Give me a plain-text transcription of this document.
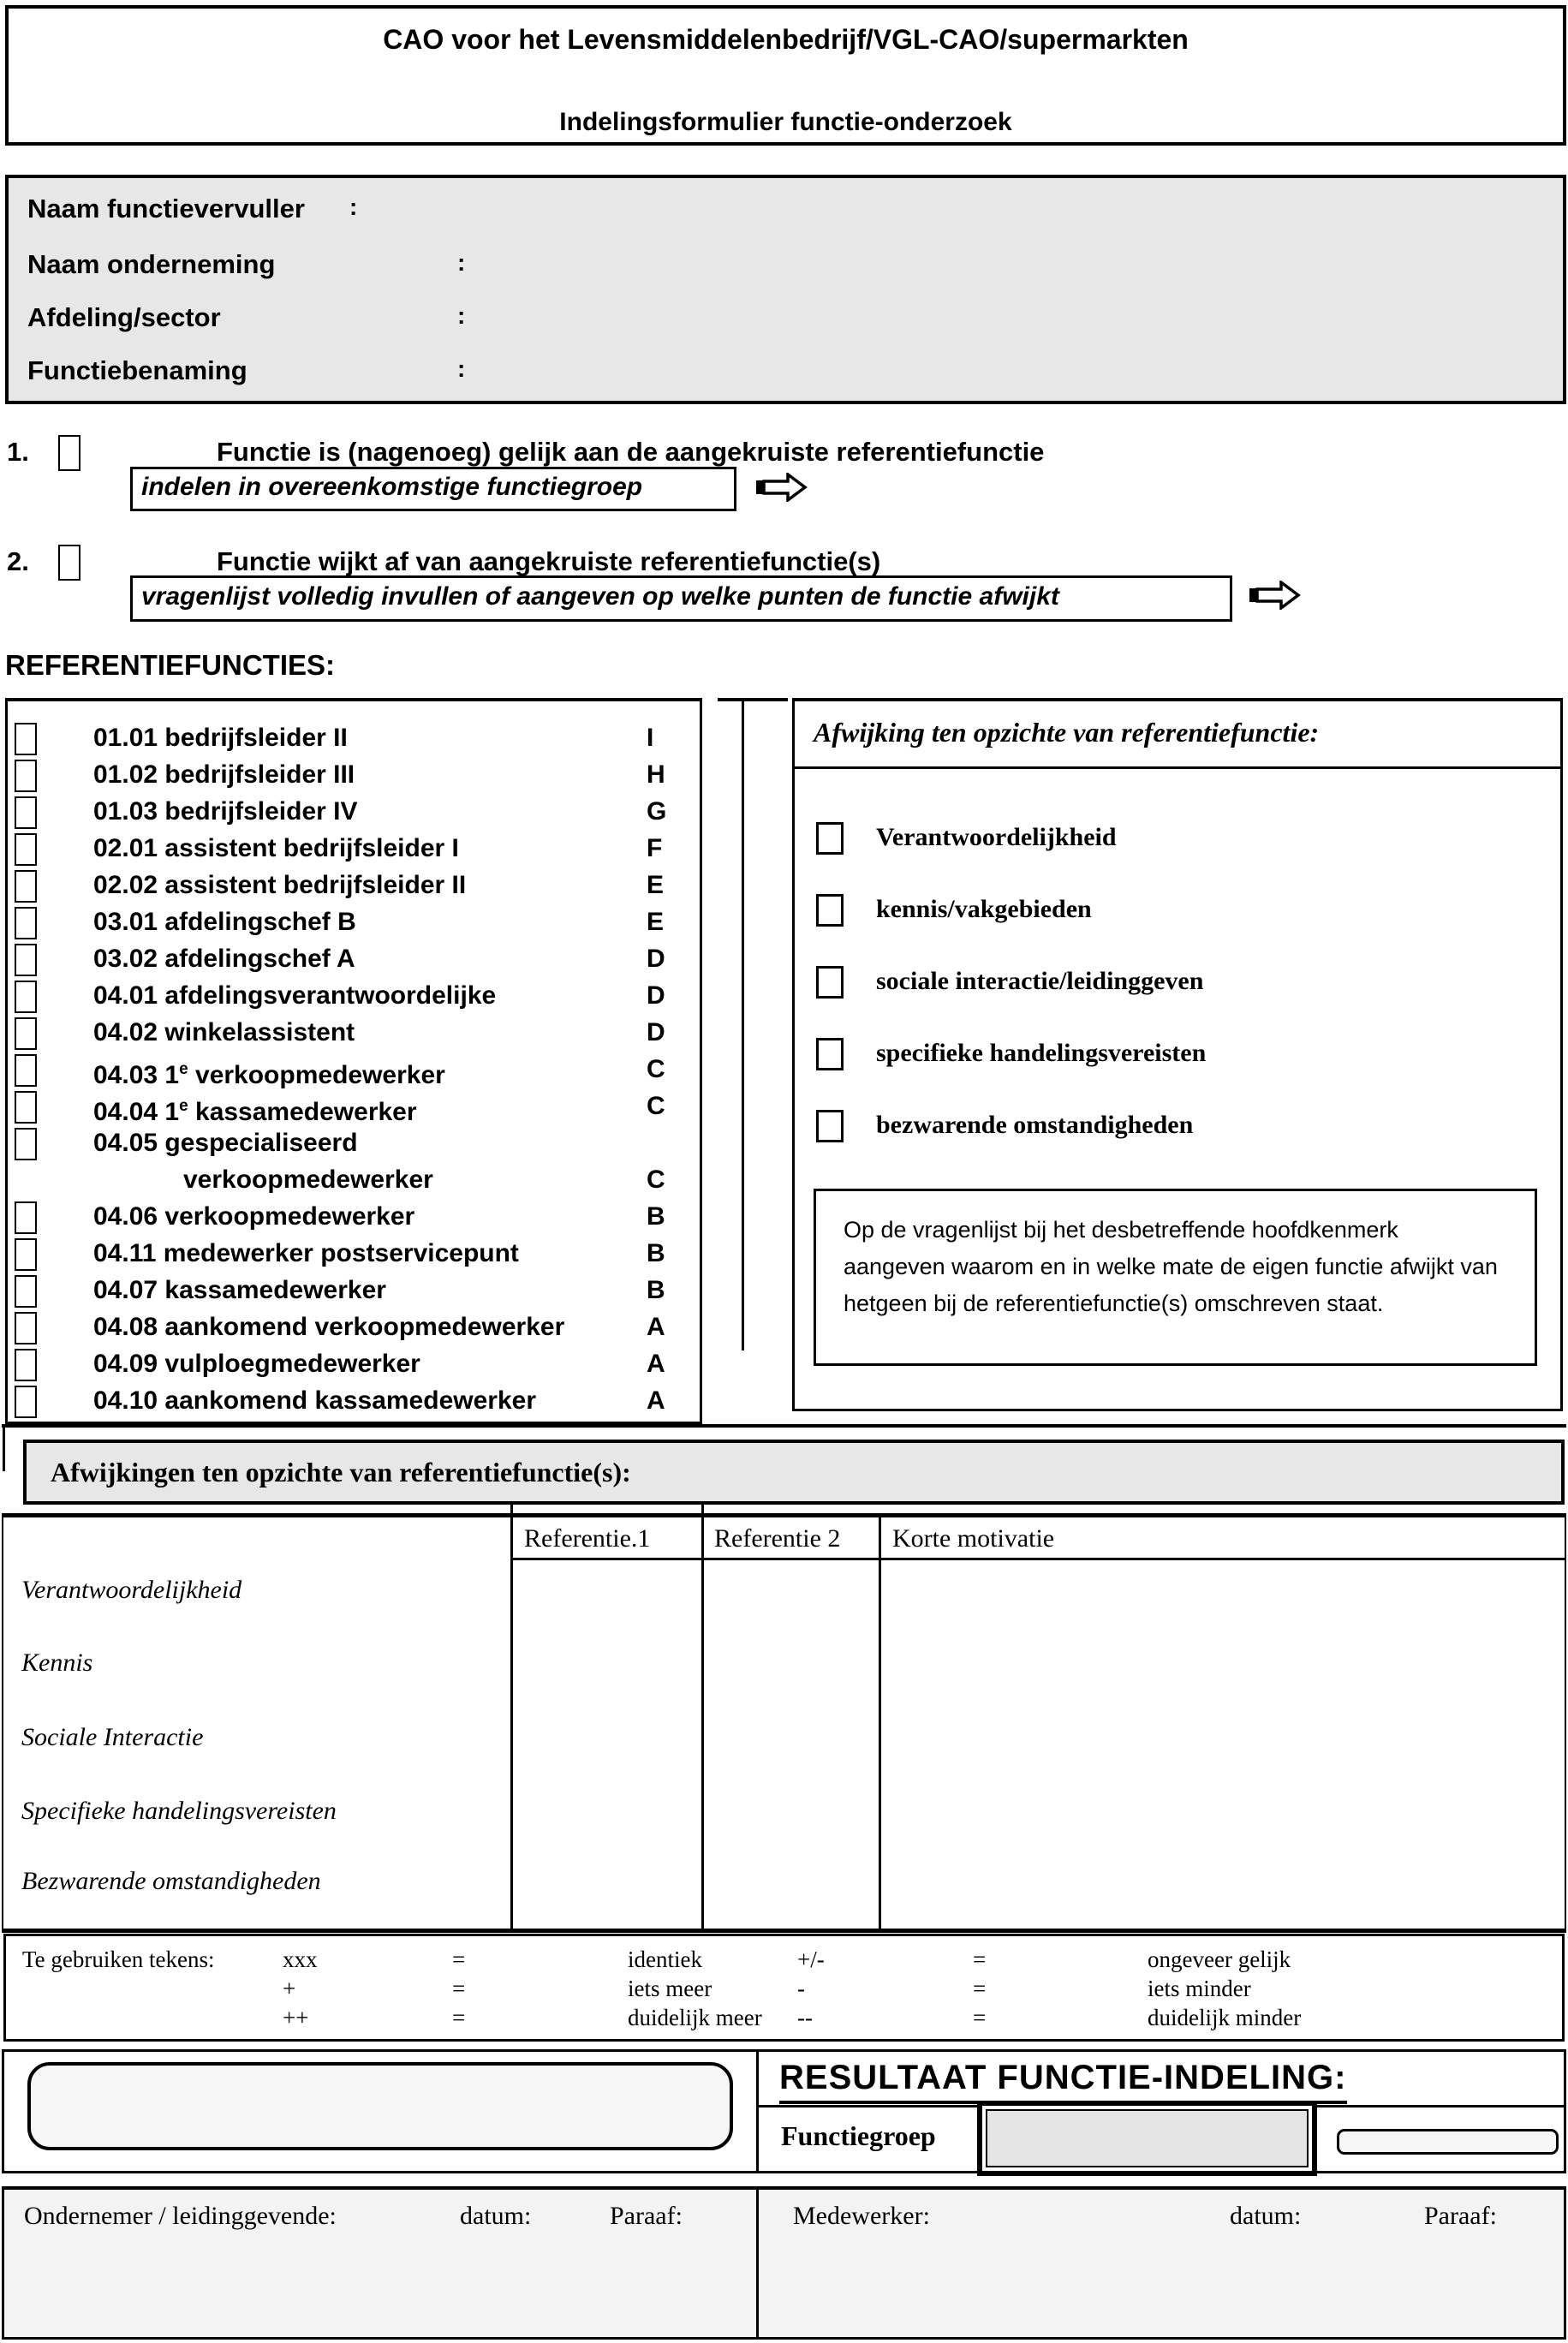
CAO voor het Levensmiddelenbedrijf/VGL-CAO/supermarkten
Indelingsformulier functie-onderzoek
Naam functievervuller :
Naam onderneming	:
Afdeling/sector	:
Functiebenaming	:
1.	Functie is (nagenoeg) gelijk aan de aangekruiste referentiefunctie
indelen in overeenkomstige functiegroep
2.	Functie wijkt af van aangekruiste referentiefunctie(s)
vragenlijst volledig invullen of aangeven op welke punten de functie afwijkt
REFERENTIEFUNCTIES:
01.01 bedrijfsleider II	I
01.02 bedrijfsleider III	H
01.03 bedrijfsleider IV	G
02.01 assistent bedrijfsleider I	F
02.02 assistent bedrijfsleider II	E
03.01 afdelingschef B	E
03.02 afdelingschef A	D
04.01 afdelingsverantwoordelijke	D
04.02 winkelassistent	D
04.03 1e verkoopmedewerker	C
04.04 1e kassamedewerker	C
04.05 gespecialiseerd
verkoopmedewerker	C
04.06 verkoopmedewerker	B
04.11 medewerker postservicepunt	B
04.07 kassamedewerker	B
04.08 aankomend verkoopmedewerker	A
04.09 vulploegmedewerker	A
04.10 aankomend kassamedewerker	A
Afwijking ten opzichte van referentiefunctie:
Verantwoordelijkheid
kennis/vakgebieden
sociale interactie/leidinggeven
specifieke handelingsvereisten
bezwarende omstandigheden
Op de vragenlijst bij het desbetreffende hoofdkenmerk aangeven waarom en in welke mate de eigen functie afwijkt van hetgeen bij de referentiefunctie(s) omschreven staat.
Afwijkingen ten opzichte van referentiefunctie(s):
Referentie.1 Referentie 2 Korte motivatie
Verantwoordelijkheid
Kennis
Sociale Interactie
Specifieke handelingsvereisten
Bezwarende omstandigheden
Te gebruiken tekens:	xxx	=	identiek	+/-	=	ongeveer gelijk
+	=	iets meer	-	=	iets minder
++	=	duidelijk meer --	=	duidelijk minder
RESULTAAT FUNCTIE-INDELING:
Functiegroep
Ondernemer / leidinggevende:	datum:	Paraaf:	Medewerker:	datum:	Paraaf:
